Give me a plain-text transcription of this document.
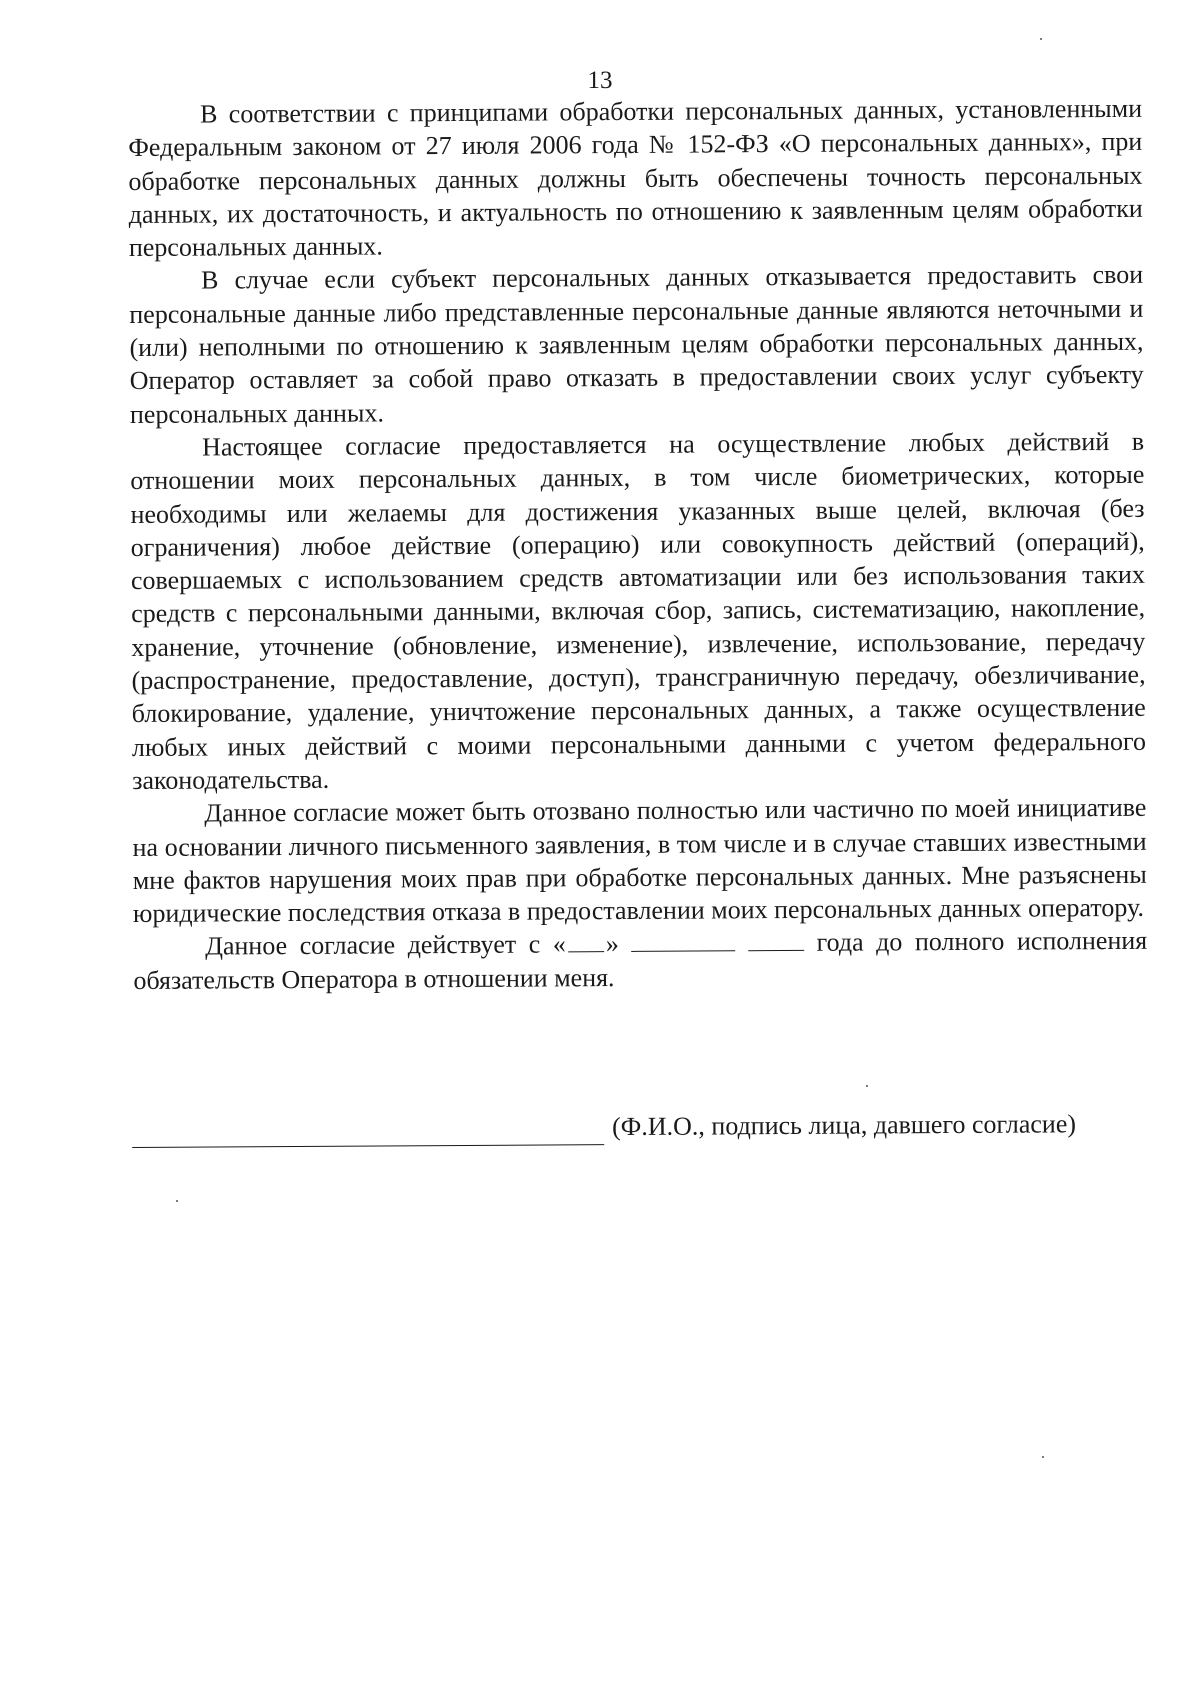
13

В соответствии с принципами обработки персональных данных, установленными Федеральным законом от 27 июля 2006 года № 152-ФЗ «О персональных данных», при обработке персональных данных должны быть обеспечены точность персональных данных, их достаточность, и актуальность по отношению к заявленным целям обработки персональных данных.

В случае если субъект персональных данных отказывается предоставить свои персональные данные либо представленные персональные данные являются неточными и (или) неполными по отношению к заявленным целям обработки персональных данных, Оператор оставляет за собой право отказать в предоставлении своих услуг субъекту персональных данных.

Настоящее согласие предоставляется на осуществление любых действий в отношении моих персональных данных, в том числе биометрических, которые необходимы или желаемы для достижения указанных выше целей, включая (без ограничения) любое действие (операцию) или совокупность действий (операций), совершаемых с использованием средств автоматизации или без использования таких средств с персональными данными, включая сбор, запись, систематизацию, накопление, хранение, уточнение (обновление, изменение), извлечение, использование, передачу (распространение, предоставление, доступ), трансграничную передачу, обезличивание, блокирование, удаление, уничтожение персональных данных, а также осуществление любых иных действий с моими персональными данными с учетом федерального законодательства.

Данное согласие может быть отозвано полностью или частично по моей инициативе на основании личного письменного заявления, в том числе и в случае ставших известными мне фактов нарушения моих прав при обработке персональных данных. Мне разъяснены юридические последствия отказа в предоставлении моих персональных данных оператору.

Данное согласие действует с « »	года до полного исполнения обязательств Оператора в отношении меня.

(Ф.И.О., подпись лица, давшего согласие)
